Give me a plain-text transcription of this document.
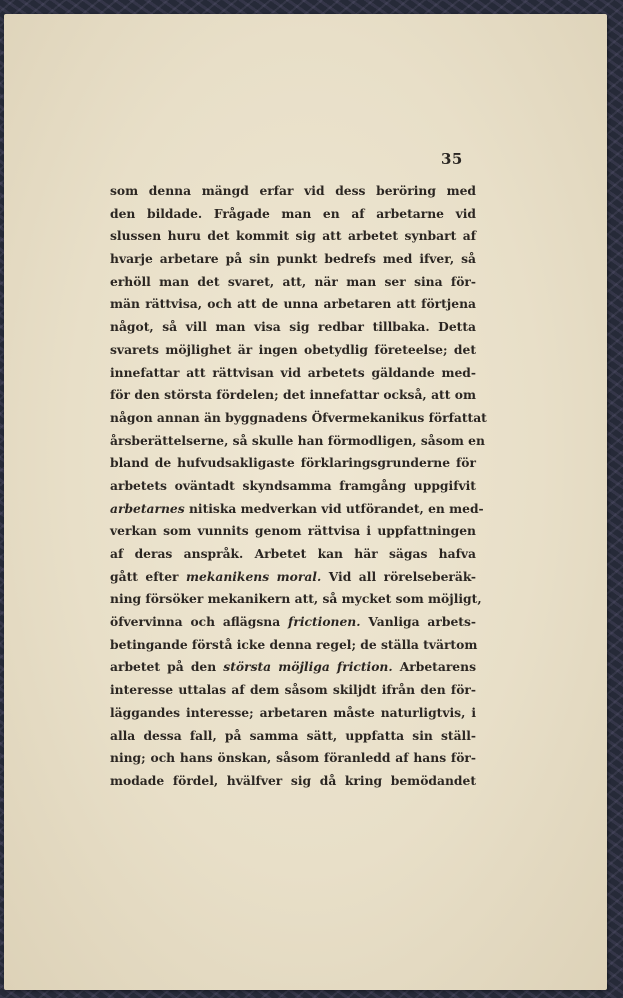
35
som denna mängd erfar vid dess beröring med
den bildade. Frågade man en af arbetarne vid
slussen huru det kommit sig att arbetet synbart af
hvarje arbetare på sin punkt bedrefs med ifver, så
erhöll man det svaret, att, när man ser sina för-
män rättvisa, och att de unna arbetaren att förtjena
något, så vill man visa sig redbar tillbaka. Detta
svarets möjlighet är ingen obetydlig företeelse; det
innefattar att rättvisan vid arbetets gäldande med-
för den största fördelen; det innefattar också, att om
någon annan än byggnadens Öfvermekanikus författat
årsberättelserne, så skulle han förmodligen, såsom en
bland de hufvudsakligaste förklaringsgrunderne för
arbetets oväntadt skyndsamma framgång uppgifvit
arbetarnes nitiska medverkan vid utförandet, en med-
verkan som vunnits genom rättvisa i uppfattningen
af deras anspråk. Arbetet kan här sägas hafva
gått efter mekanikens moral. Vid all rörelseberäk-
ning försöker mekanikern att, så mycket som möjligt,
öfvervinna och aflägsna frictionen. Vanliga arbets-
betingande förstå icke denna regel; de ställa tvärtom
arbetet på den största möjliga friction. Arbetarens
interesse uttalas af dem såsom skiljdt ifrån den för-
läggandes interesse; arbetaren måste naturligtvis, i
alla dessa fall, på samma sätt, uppfatta sin ställ-
ning; och hans önskan, såsom föranledd af hans för-
modade fördel, hvälfver sig då kring bemödandet
